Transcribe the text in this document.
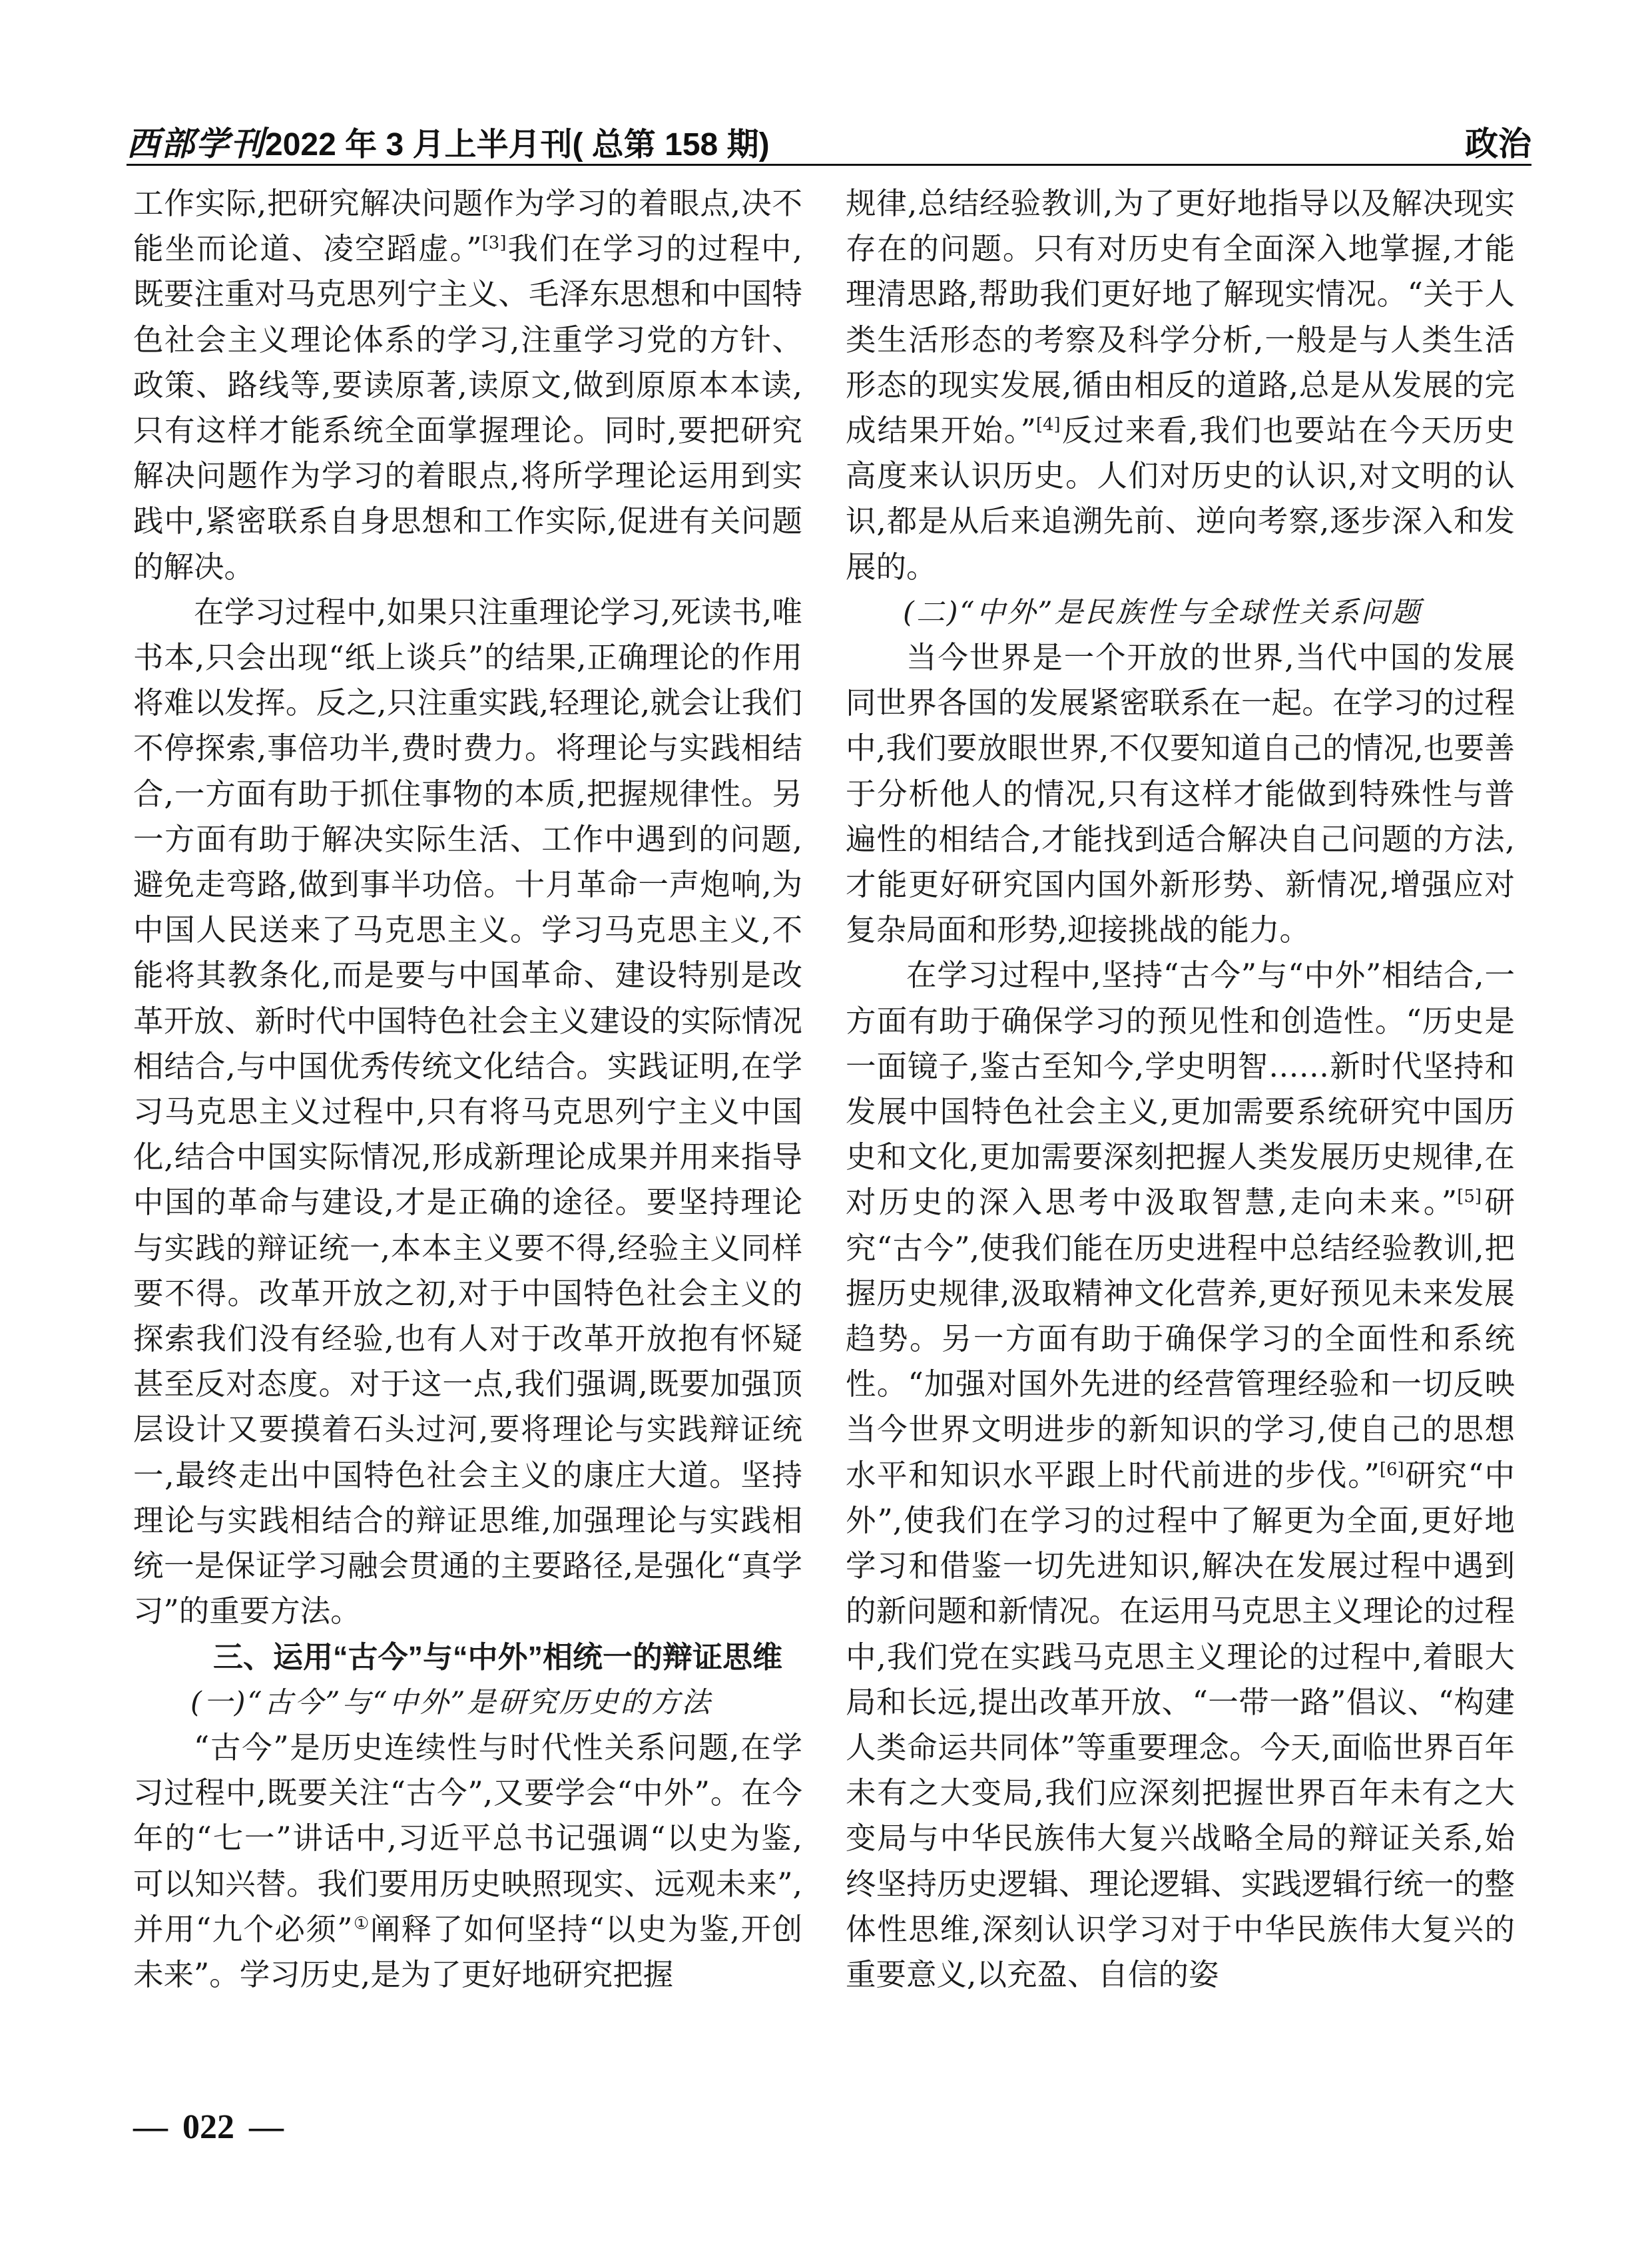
西部学刊 2022 年 3 月上半月刊( 总第 158 期)	政治

工作实际,把研究解决问题作为学习的着眼点,决不能坐而论道、凌空蹈虚。”[3]我们在学习的过程中,既要注重对马克思列宁主义、毛泽东思想和中国特色社会主义理论体系的学习,注重学习党的方针、政策、路线等,要读原著,读原文,做到原原本本读,只有这样才能系统全面掌握理论。同时,要把研究解决问题作为学习的着眼点,将所学理论运用到实践中,紧密联系自身思想和工作实际,促进有关问题的解决。

在学习过程中,如果只注重理论学习,死读书,唯书本,只会出现“纸上谈兵”的结果,正确理论的作用将难以发挥。反之,只注重实践,轻理论,就会让我们不停探索,事倍功半,费时费力。将理论与实践相结合,一方面有助于抓住事物的本质,把握规律性。另一方面有助于解决实际生活、工作中遇到的问题,避免走弯路,做到事半功倍。十月革命一声炮响,为中国人民送来了马克思主义。学习马克思主义,不能将其教条化,而是要与中国革命、建设特别是改革开放、新时代中国特色社会主义建设的实际情况相结合,与中国优秀传统文化结合。实践证明,在学习马克思主义过程中,只有将马克思列宁主义中国化,结合中国实际情况,形成新理论成果并用来指导中国的革命与建设,才是正确的途径。要坚持理论与实践的辩证统一,本本主义要不得,经验主义同样要不得。改革开放之初,对于中国特色社会主义的探索我们没有经验,也有人对于改革开放抱有怀疑甚至反对态度。对于这一点,我们强调,既要加强顶层设计又要摸着石头过河,要将理论与实践辩证统一,最终走出中国特色社会主义的康庄大道。坚持理论与实践相结合的辩证思维,加强理论与实践相统一是保证学习融会贯通的主要路径,是强化“真学习”的重要方法。

三、运用“古今”与“中外”相统一的辩证思维

(一)“古今”与“中外”是研究历史的方法

“古今”是历史连续性与时代性关系问题,在学习过程中,既要关注“古今”,又要学会“中外”。在今年的“七一”讲话中,习近平总书记强调“以史为鉴,可以知兴替。我们要用历史映照现实、远观未来”,并用“九个必须”①阐释了如何坚持“以史为鉴,开创未来”。学习历史,是为了更好地研究把握

规律,总结经验教训,为了更好地指导以及解决现实存在的问题。只有对历史有全面深入地掌握,才能理清思路,帮助我们更好地了解现实情况。“关于人类生活形态的考察及科学分析,一般是与人类生活形态的现实发展,循由相反的道路,总是从发展的完成结果开始。”[4]反过来看,我们也要站在今天历史高度来认识历史。人们对历史的认识,对文明的认识,都是从后来追溯先前、逆向考察,逐步深入和发展的。

(二)“中外”是民族性与全球性关系问题

当今世界是一个开放的世界,当代中国的发展同世界各国的发展紧密联系在一起。在学习的过程中,我们要放眼世界,不仅要知道自己的情况,也要善于分析他人的情况,只有这样才能做到特殊性与普遍性的相结合,才能找到适合解决自己问题的方法,才能更好研究国内国外新形势、新情况,增强应对复杂局面和形势,迎接挑战的能力。

在学习过程中,坚持“古今”与“中外”相结合,一方面有助于确保学习的预见性和创造性。“历史是一面镜子,鉴古至知今,学史明智……新时代坚持和发展中国特色社会主义,更加需要系统研究中国历史和文化,更加需要深刻把握人类发展历史规律,在对历史的深入思考中汲取智慧,走向未来。”[5]研究“古今”,使我们能在历史进程中总结经验教训,把握历史规律,汲取精神文化营养,更好预见未来发展趋势。另一方面有助于确保学习的全面性和系统性。“加强对国外先进的经营管理经验和一切反映当今世界文明进步的新知识的学习,使自己的思想水平和知识水平跟上时代前进的步伐。”[6]研究“中外”,使我们在学习的过程中了解更为全面,更好地学习和借鉴一切先进知识,解决在发展过程中遇到的新问题和新情况。在运用马克思主义理论的过程中,我们党在实践马克思主义理论的过程中,着眼大局和长远,提出改革开放、“一带一路”倡议、“构建人类命运共同体”等重要理念。今天,面临世界百年未有之大变局,我们应深刻把握世界百年未有之大变局与中华民族伟大复兴战略全局的辩证关系,始终坚持历史逻辑、理论逻辑、实践逻辑行统一的整体性思维,深刻认识学习对于中华民族伟大复兴的重要意义,以充盈、自信的姿

— 022 —
